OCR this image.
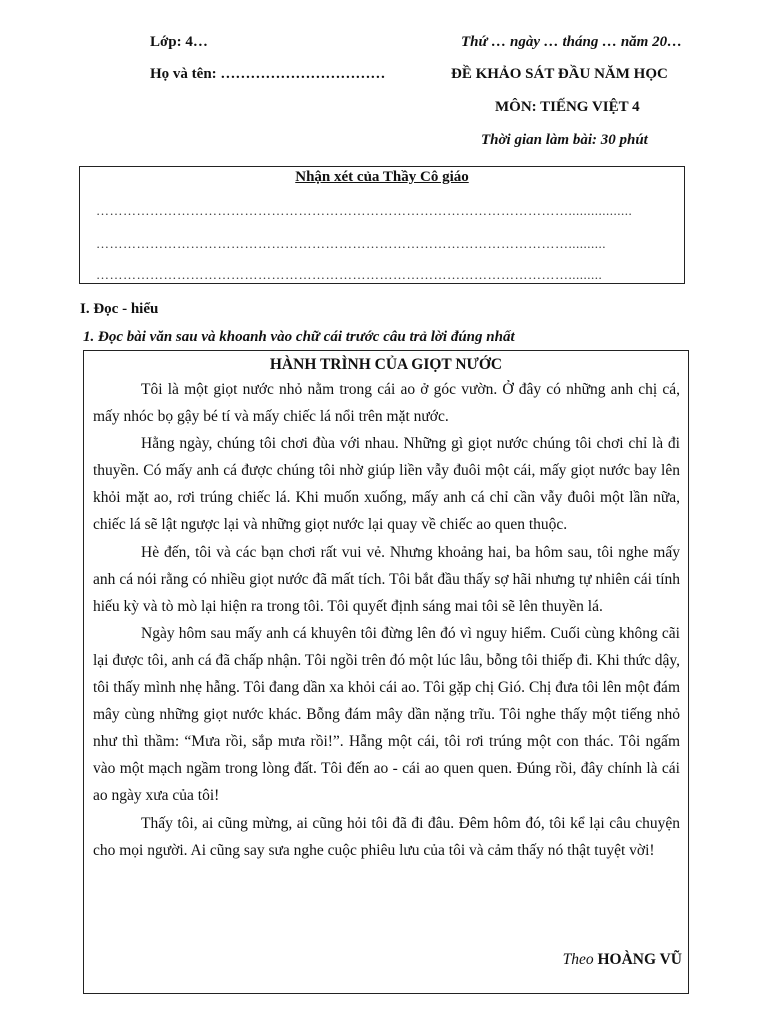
Lớp: 4…	Thứ … ngày … tháng … năm 20…
Họ và tên: ……………………………	ĐỀ KHẢO SÁT ĐẦU NĂM HỌC
MÔN: TIẾNG VIỆT 4
Thời gian làm bài: 30 phút
Nhận xét của Thầy Cô giáo
…………………………………………………………………………………………….................
……………………………………………………………………………………………..........
…………………………………………………………………………………………….........
I. Đọc - hiểu
1. Đọc bài văn sau và khoanh vào chữ cái trước câu trả lời đúng nhất
HÀNH TRÌNH CỦA GIỌT NƯỚC

Tôi là một giọt nước nhỏ nằm trong cái ao ở góc vườn. Ở đây có những anh chị cá, mấy nhóc bọ gậy bé tí và mấy chiếc lá nổi trên mặt nước.

Hằng ngày, chúng tôi chơi đùa với nhau. Những gì giọt nước chúng tôi chơi chỉ là đi thuyền. Có mấy anh cá được chúng tôi nhờ giúp liền vẫy đuôi một cái, mấy giọt nước bay lên khỏi mặt ao, rơi trúng chiếc lá. Khi muốn xuống, mấy anh cá chỉ cần vẫy đuôi một lần nữa, chiếc lá sẽ lật ngược lại và những giọt nước lại quay về chiếc ao quen thuộc.

Hè đến, tôi và các bạn chơi rất vui vẻ. Nhưng khoảng hai, ba hôm sau, tôi nghe mấy anh cá nói rằng có nhiều giọt nước đã mất tích. Tôi bắt đầu thấy sợ hãi nhưng tự nhiên cái tính hiếu kỳ và tò mò lại hiện ra trong tôi. Tôi quyết định sáng mai tôi sẽ lên thuyền lá.

Ngày hôm sau mấy anh cá khuyên tôi đừng lên đó vì nguy hiểm. Cuối cùng không cãi lại được tôi, anh cá đã chấp nhận. Tôi ngồi trên đó một lúc lâu, bỗng tôi thiếp đi. Khi thức dậy, tôi thấy mình nhẹ hẫng. Tôi đang dần xa khỏi cái ao. Tôi gặp chị Gió. Chị đưa tôi lên một đám mây cùng những giọt nước khác. Bỗng đám mây dần nặng trĩu. Tôi nghe thấy một tiếng nhỏ như thì thầm: “Mưa rồi, sắp mưa rồi!”. Hẫng một cái, tôi rơi trúng một con thác. Tôi ngấm vào một mạch ngầm trong lòng đất. Tôi đến ao - cái ao quen quen. Đúng rồi, đây chính là cái ao ngày xưa của tôi!

Thấy tôi, ai cũng mừng, ai cũng hỏi tôi đã đi đâu. Đêm hôm đó, tôi kể lại câu chuyện cho mọi người. Ai cũng say sưa nghe cuộc phiêu lưu của tôi và cảm thấy nó thật tuyệt vời!

Theo HOÀNG VŨ
